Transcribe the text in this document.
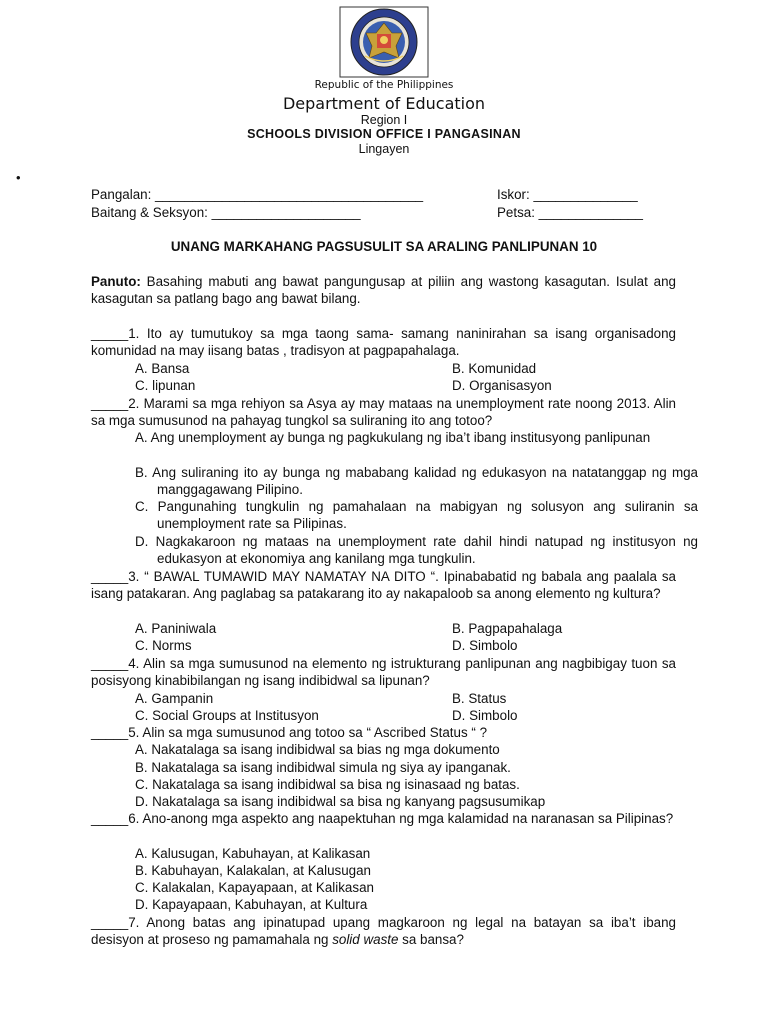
Republic of the Philippines
Department of Education
Region I
SCHOOLS DIVISION OFFICE I PANGASINAN
Lingayen
•
Pangalan: ____________________________________	Iskor: ______________
Baitang & Seksyon: ____________________	Petsa: ______________
UNANG MARKAHANG PAGSUSULIT SA ARALING PANLIPUNAN 10
Panuto: Basahing mabuti ang bawat pangungusap at piliin ang wastong kasagutan. Isulat ang kasagutan sa patlang bago ang bawat bilang.
_____1. Ito ay tumutukoy sa mga taong sama- samang naninirahan sa isang organisadong komunidad na may iisang batas , tradisyon at pagpapahalaga.
A. Bansa	B. Komunidad
C. lipunan	D. Organisasyon
_____2. Marami sa mga rehiyon sa Asya ay may mataas na unemployment rate noong 2013. Alin sa mga sumusunod na pahayag tungkol sa suliraning ito ang totoo?
A. Ang unemployment ay bunga ng pagkukulang ng iba’t ibang institusyong panlipunan
B. Ang suliraning ito ay bunga ng mababang kalidad ng edukasyon na natatanggap ng mga manggagawang Pilipino.
C. Pangunahing tungkulin ng pamahalaan na mabigyan ng solusyon ang suliranin sa unemployment rate sa Pilipinas.
D. Nagkakaroon ng mataas na unemployment rate dahil hindi natupad ng institusyon ng edukasyon at ekonomiya ang kanilang mga tungkulin.
_____3. “ BAWAL TUMAWID MAY NAMATAY NA DITO “. Ipinababatid ng babala ang paalala sa isang patakaran. Ang paglabag sa patakarang ito ay nakapaloob sa anong elemento ng kultura?
A. Paniniwala	B. Pagpapahalaga
C. Norms	D. Simbolo
_____4. Alin sa mga sumusunod na elemento ng istrukturang panlipunan ang nagbibigay tuon sa posisyong kinabibilangan ng isang indibidwal sa lipunan?
A. Gampanin	B. Status
C. Social Groups at Institusyon	D. Simbolo
_____5. Alin sa mga sumusunod ang totoo sa “ Ascribed Status “ ?
A. Nakatalaga sa isang indibidwal sa bias ng mga dokumento
B. Nakatalaga sa isang indibidwal simula ng siya ay ipanganak.
C. Nakatalaga sa isang indibidwal sa bisa ng isinasaad ng batas.
D. Nakatalaga sa isang indibidwal sa bisa ng kanyang pagsusumikap
_____6. Ano-anong mga aspekto ang naapektuhan ng mga kalamidad na naranasan sa Pilipinas?
A. Kalusugan, Kabuhayan, at Kalikasan
B. Kabuhayan, Kalakalan, at Kalusugan
C. Kalakalan, Kapayapaan, at Kalikasan
D. Kapayapaan, Kabuhayan, at Kultura
_____7. Anong batas ang ipinatupad upang magkaroon ng legal na batayan sa iba’t ibang desisyon at proseso ng pamamahala ng solid waste sa bansa?
